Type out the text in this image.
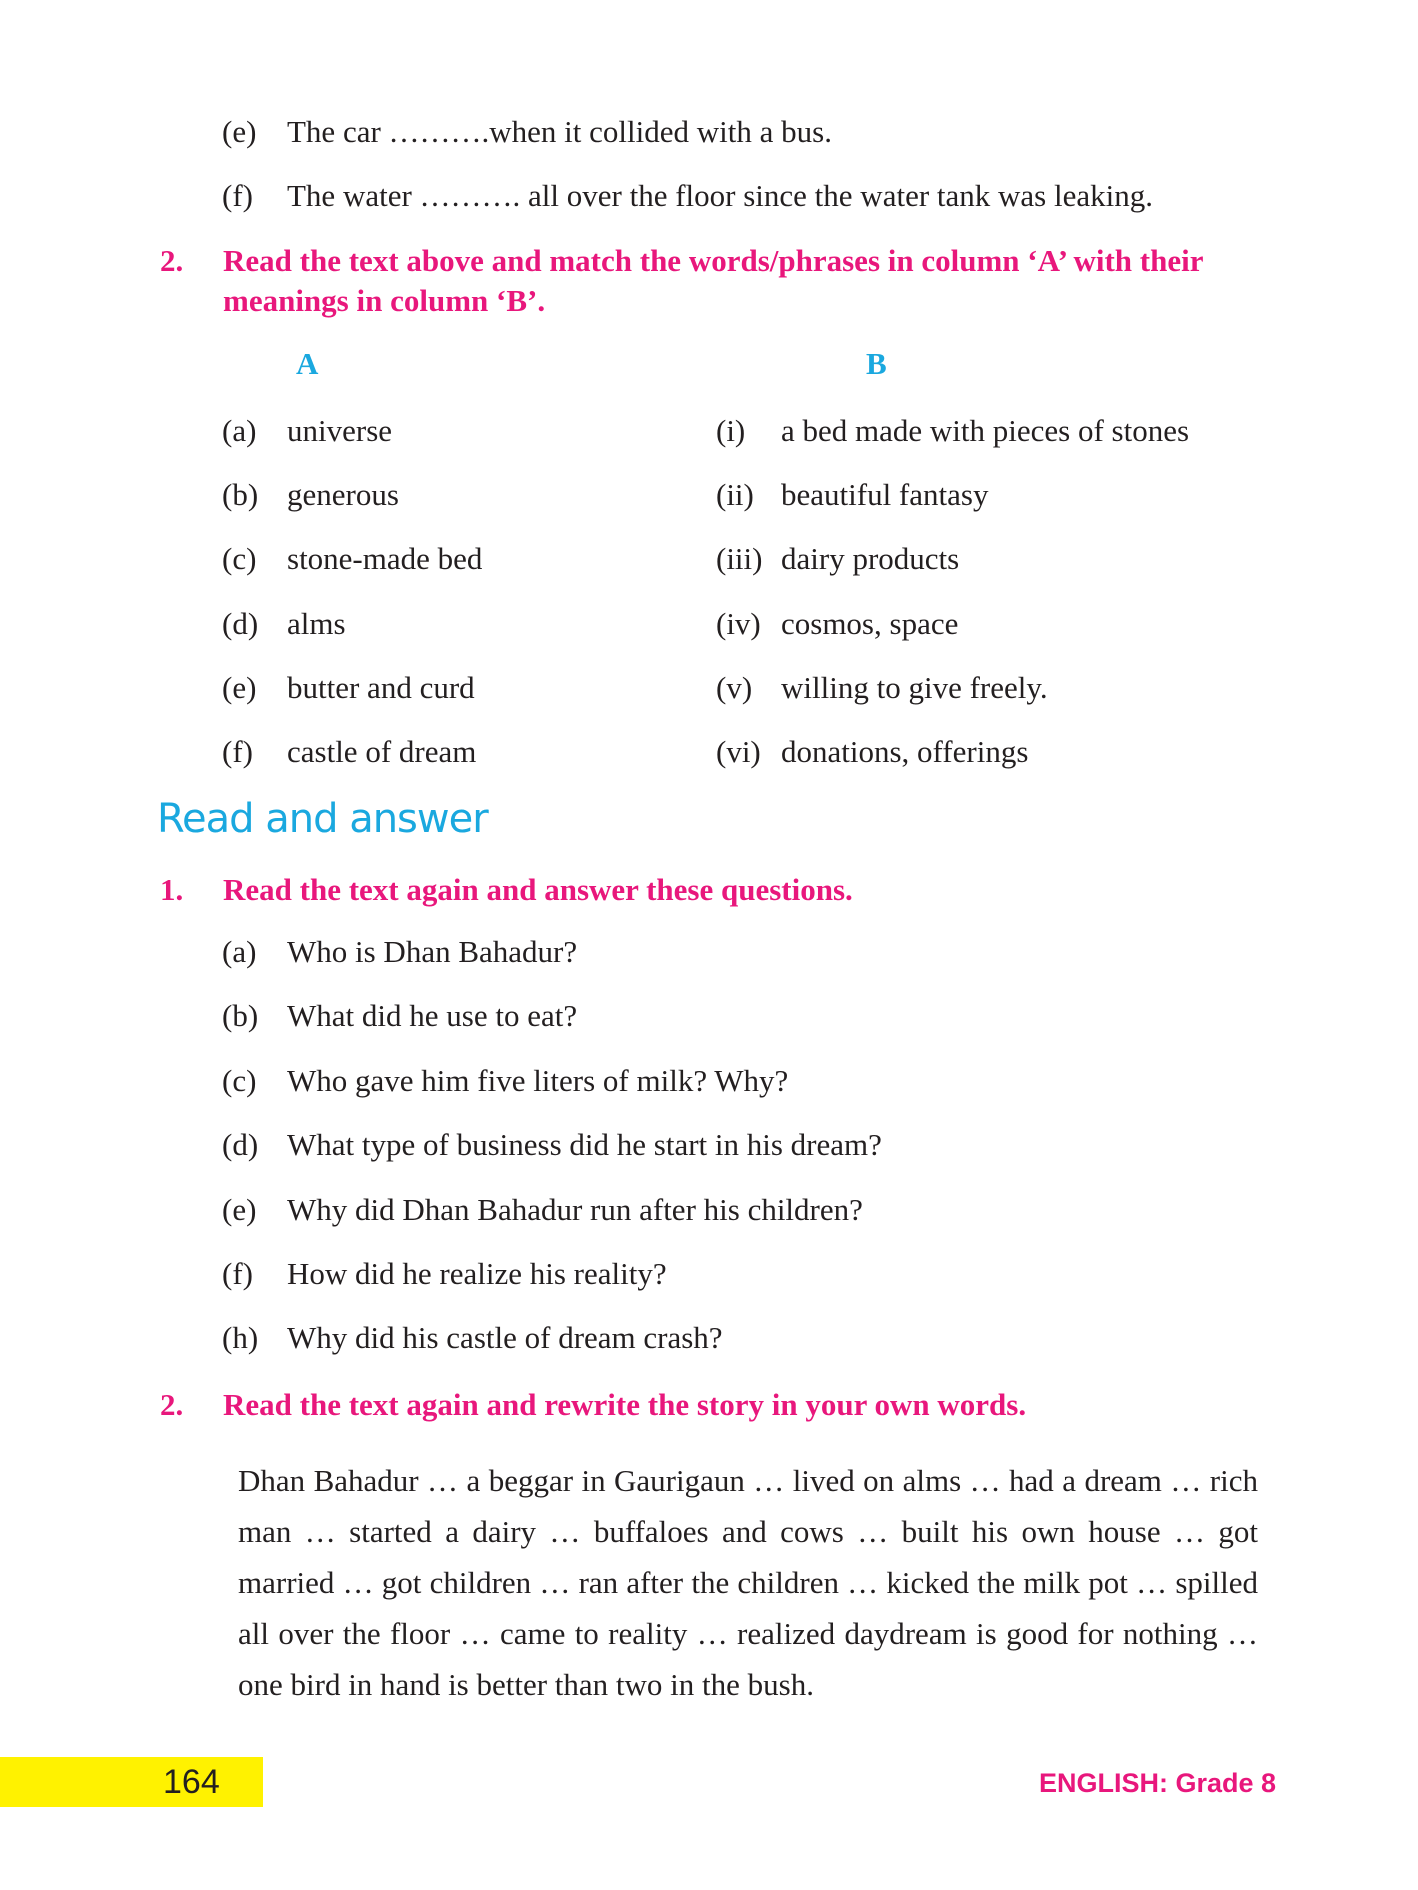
(e) The car ……….when it collided with a bus.
(f) The water ………. all over the floor since the water tank was leaking.
2. Read the text above and match the words/phrases in column ‘A’ with their meanings in column ‘B’.
A	B
(a) universe
(b) generous
(c) stone-made bed
(d) alms
(e) butter and curd
(f) castle of dream
(i) a bed made with pieces of stones
(ii) beautiful fantasy
(iii) dairy products
(iv) cosmos, space
(v) willing to give freely.
(vi) donations, offerings
Read and answer
1. Read the text again and answer these questions.
(a) Who is Dhan Bahadur?
(b) What did he use to eat?
(c) Who gave him five liters of milk? Why?
(d) What type of business did he start in his dream?
(e) Why did Dhan Bahadur run after his children?
(f) How did he realize his reality?
(h) Why did his castle of dream crash?
2. Read the text again and rewrite the story in your own words.
Dhan Bahadur … a beggar in Gaurigaun … lived on alms … had a dream … rich man … started a dairy … buffaloes and cows … built his own house … got married … got children … ran after the children … kicked the milk pot … spilled all over the floor … came to reality … realized daydream is good for nothing … one bird in hand is better than two in the bush.
164	ENGLISH: Grade 8
